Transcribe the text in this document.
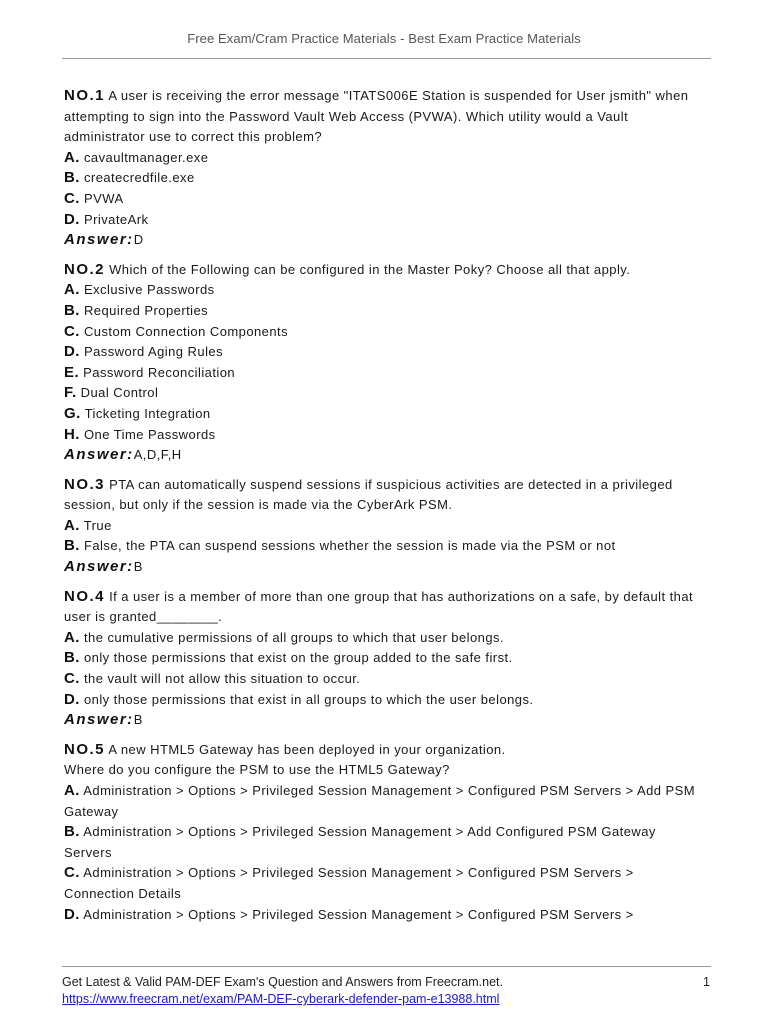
Free Exam/Cram Practice Materials - Best Exam Practice Materials
NO.1 A user is receiving the error message "ITATS006E Station is suspended for User jsmith" when
attempting to sign into the Password Vault Web Access (PVWA). Which utility would a Vault
administrator use to correct this problem?
A. cavaultmanager.exe
B. createcredfile.exe
C. PVWA
D. PrivateArk
Answer:D
NO.2 Which of the Following can be configured in the Master Poky? Choose all that apply.
A. Exclusive Passwords
B. Required Properties
C. Custom Connection Components
D. Password Aging Rules
E. Password Reconciliation
F. Dual Control
G. Ticketing Integration
H. One Time Passwords
Answer:A,D,F,H
NO.3 PTA can automatically suspend sessions if suspicious activities are detected in a privileged
session, but only if the session is made via the CyberArk PSM.
A. True
B. False, the PTA can suspend sessions whether the session is made via the PSM or not
Answer:B
NO.4 If a user is a member of more than one group that has authorizations on a safe, by default that
user is granted________.
A. the cumulative permissions of all groups to which that user belongs.
B. only those permissions that exist on the group added to the safe first.
C. the vault will not allow this situation to occur.
D. only those permissions that exist in all groups to which the user belongs.
Answer:B
NO.5 A new HTML5 Gateway has been deployed in your organization.
Where do you configure the PSM to use the HTML5 Gateway?
A. Administration > Options > Privileged Session Management > Configured PSM Servers > Add PSM
Gateway
B. Administration > Options > Privileged Session Management > Add Configured PSM Gateway
Servers
C. Administration > Options > Privileged Session Management > Configured PSM Servers >
Connection Details
D. Administration > Options > Privileged Session Management > Configured PSM Servers >
Get Latest & Valid PAM-DEF Exam's Question and Answers from Freecram.net.
https://www.freecram.net/exam/PAM-DEF-cyberark-defender-pam-e13988.html
1
